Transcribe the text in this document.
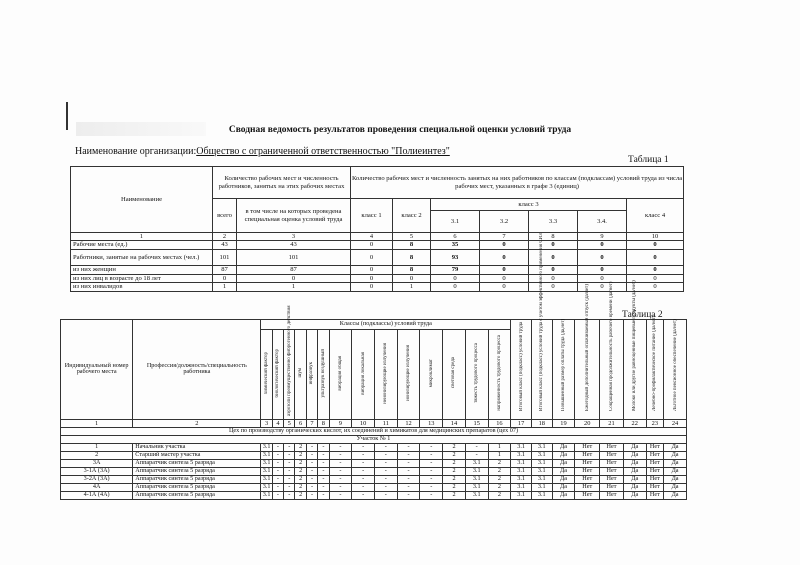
Сводная ведомость результатов проведения специальной оценки условий труда
Наименование организации:Общество с ограниченной ответственностью "Полиеинтез"
Таблица 1
Наименование	Количество рабочих мест и численность работников, занятых на этих рабочих местах		Количество рабочих мест и численность занятых на них работников по классам (подклассам) условий труда из числа рабочих мест, указанных в графе 3 (единиц)						
	всего	в том числе на которых проведена специальная оценка условий труда	класс 1	класс 2	класс 3				класс 4
					3.1	3.2	3.3	3.4.	
1	2	3	4	5	6	7	8	9	10
Рабочие места (ед.)	43	43	0	8	35	0	0	0	0
Работники, занятые на рабочих местах (чел.)	101	101	0	8	93	0	0	0	0
из них женщин	87	87	0	8	79	0	0	0	0
из них лиц в возрасте до 18 лет	0	0	0	0	0	0	0	0	0
из них инвалидов	1	1	0	1	0	0	0	0	0
Таблица 2
Индивидуальный номер рабочего места	Профессия/должность/специальность работника	Классы (подклассы) условий труда														Итоговый класс (подкласс) условий труда	Итоговый класс (подкласс) условий труда с учетом эффективного применения СИЗ	Повышенный размер оплаты труда (да,нет)	Ежегодный дополнительный оплачиваемый отпуск (да/нет)	Сокращенная продолжительность рабочего времени (да/нет)	Молоко или другие равноценные пищевые продукты (да/нет)	Лечебно-профилактическое питание (да/нет)	Льготное пенсионное обеспечение (да/нет)
		химический фактор	биологический фактор	аэрозоли преимущественно фиброгенного действия	шум	инфразвук	ультразвук воздушный	вибрация общая	вибрация локальная	неионизирующие излучения	ионизирующие излучения	микроклимат	световая среда	тяжесть трудового процесса	напряженность трудового процесса								
1	2	3	4	5	6	7	8	9	10	11	12	13	14	15	16	17	18	19	20	21	22	23	24
Цех по производству органических кислот, их соединений и химикатов для медицинских препаратов (цех 07)																							
Участок № 1																							
1	Начальник участка	3.1	-	-	2	-	-	-	-	-	-	-	2	-	1	3.1	3.1	Да	Нет	Нет	Да	Нет	Да
2	Старший мастер участка	3.1	-	-	2	-	-	-	-	-	-	-	2	-	1	3.1	3.1	Да	Нет	Нет	Да	Нет	Да
3А	Аппаратчик синтеза 5 разряда	3.1	-	-	2	-	-	-	-	-	-	-	2	3.1	2	3.1	3.1	Да	Нет	Нет	Да	Нет	Да
3-1А (3А)	Аппаратчик синтеза 5 разряда	3.1	-	-	2	-	-	-	-	-	-	-	2	3.1	2	3.1	3.1	Да	Нет	Нет	Да	Нет	Да
3-2А (3А)	Аппаратчик синтеза 5 разряда	3.1	-	-	2	-	-	-	-	-	-	-	2	3.1	2	3.1	3.1	Да	Нет	Нет	Да	Нет	Да
4А	Аппаратчик синтеза 5 разряда	3.1	-	-	2	-	-	-	-	-	-	-	2	3.1	2	3.1	3.1	Да	Нет	Нет	Да	Нет	Да
4-1А (4А)	Аппаратчик синтеза 5 разряда	3.1	-	-	2	-	-	-	-	-	-	-	2	3.1	2	3.1	3.1	Да	Нет	Нет	Да	Нет	Да
